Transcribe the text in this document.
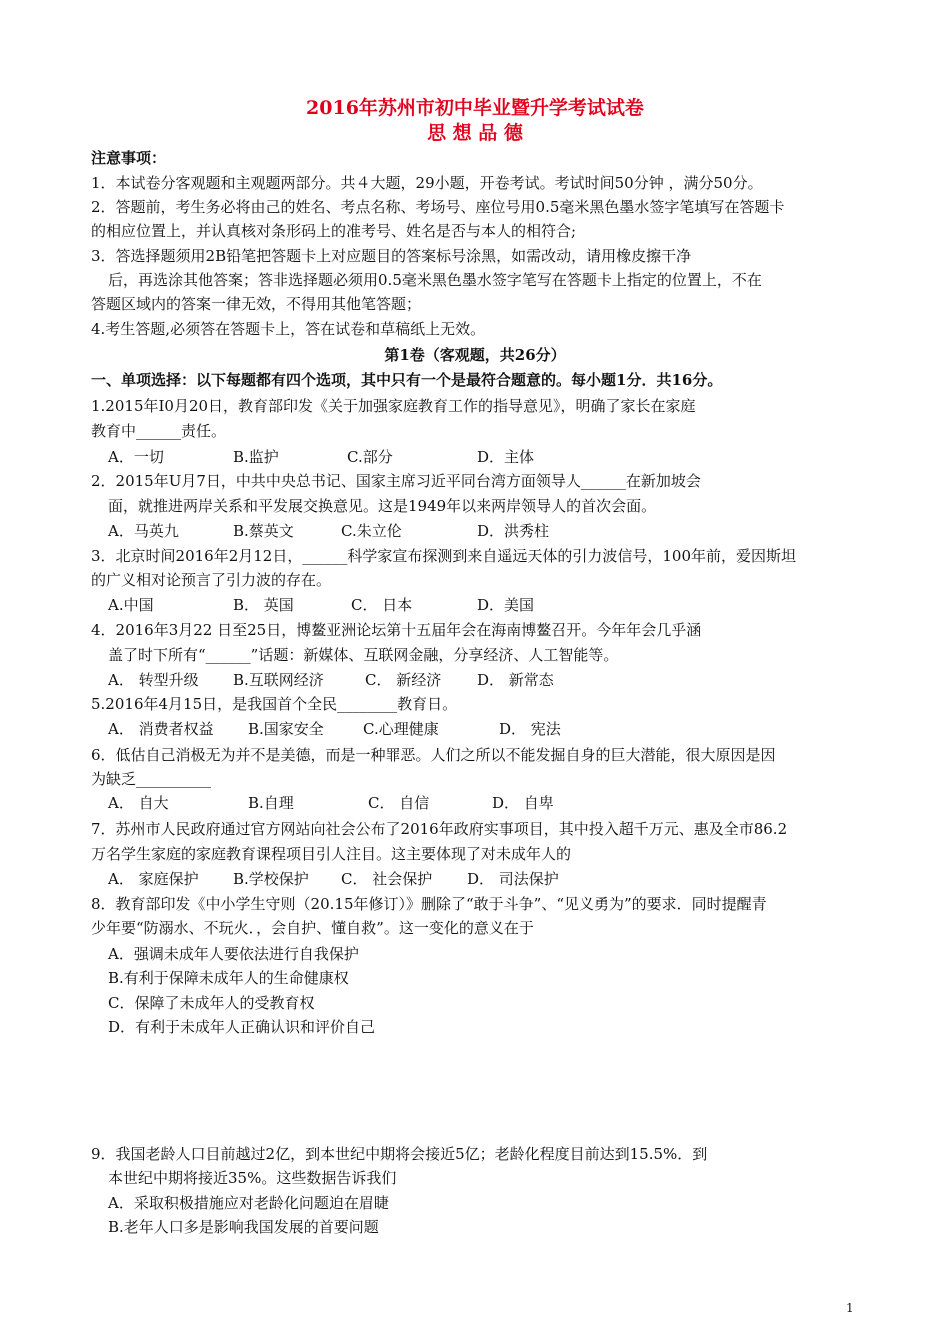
2016年苏州市初中毕业暨升学考试试卷
思 想 品 德
注意事项：
1．本试卷分客观题和主观题两部分。共４大题，29小题，开卷考试。考试时间50分钟 ，满分50分。
2．答题前，考生务必将由己的姓名、考点名称、考场号、座位号用0.5毫米黑色墨水签字笔填写在答题卡
的相应位置上，并认真核对条形码上的准考号、姓名是否与本人的相符合;
3．答选择题须用2B铅笔把答题卡上对应题目的答案标号涂黑，如需改动，请用橡皮擦干净
后，再选涂其他答案；答非选择题必须用0.5毫米黑色墨水签字笔写在答题卡上指定的位置上，不在
答题区域内的答案一律无效，不得用其他笔答题；
4.考生答题,必须答在答题卡上，答在试卷和草稿纸上无效。
第1卷（客观题，共26分）
一、单项选择：以下每题都有四个选项，其中只有一个是最符合题意的。每小题1分．共16分。
1.2015年I0月20日，教育部印发《关于加强家庭教育工作的指导意见》，明确了家长在家庭
教育中______责任。
A．一切	B.监护	C.部分	D．主体
2．2015年U月7日，中共中央总书记、国家主席习近平同台湾方面领导人______在新加坡会
面，就推进两岸关系和平发展交换意见。这是1949年以来两岸领导人的首次会面。
A．马英九	B.蔡英文	C.朱立伦	D．洪秀柱
3．北京时间2016年2月12日，______科学家宣布探测到来自遥远天体的引力波信号，100年前，爱因斯坦
的广义相对论预言了引力波的存在。
A.中国	B． 英国	C． 日本	D．美国
4．2016年3月22 日至25日，博鳌亚洲论坛第十五届年会在海南博鳌召开。今年年会几乎涵
盖了时下所有“______”话题：新媒体、互联网金融，分享经济、人工智能等。
A． 转型升级 B.互联网经济	C． 新经济 D． 新常态
5.2016年4月15日，是我国首个全民________教育日。
A． 消费者权益 B.国家安全	C.心理健康	D． 宪法
6．低估自己消极无为并不是美德，而是一种罪恶。人们之所以不能发掘自身的巨大潜能，很大原因是因
为缺乏__________
A． 自大	B.自理	C． 自信	D． 自卑
7．苏州市人民政府通过官方网站向社会公布了2016年政府实事项目，其中投入超千万元、惠及全市86.2
万名学生家庭的家庭教育课程项目引人注目。这主要体现了对未成年人的
A． 家庭保护 B.学校保护 C． 社会保护 D． 司法保护
8．教育部印发《中小学生守则（20.15年修订）》删除了“敢于斗争”、“见义勇为”的要求．同时提醒青
少年要“防溺水、不玩火．，会自护、懂自救”。这一变化的意义在于
A．强调未成年人要依法进行自我保护
B.有利于保障未成年人的生命健康权
C．保障了未成年人的受教育权
D．有利于未成年人正确认识和评价自己
9．我国老龄人口目前越过2亿，到本世纪中期将会接近5亿；老龄化程度目前达到15.5%．到
本世纪中期将接近35%。这些数据告诉我们
A．采取积极措施应对老龄化问题迫在眉睫
B.老年人口多是影响我国发展的首要问题
1
